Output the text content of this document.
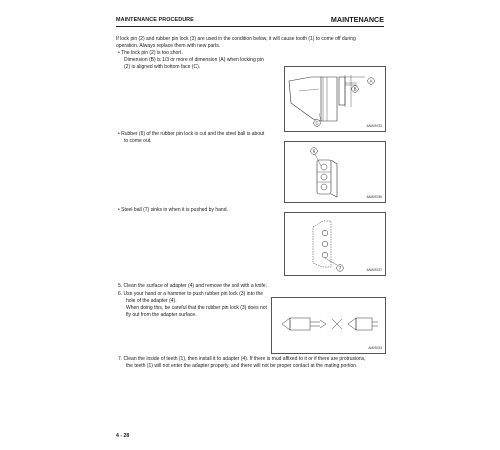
MAINTENANCE PROCEDURE	MAINTENANCE
If lock pin (2) and rubber pin lock (3) are used in the condition below, it will cause tooth (1) to come off during
operation. Always replace them with new parts.
• The lock pin (2) is too short.
Dimension (B) is 1/3 or more of dimension (A) when locking pin
(2) is aligned with bottom face (C).
A
B
C
6AM05783
• Rubber (6) of the rubber pin lock is cut and the steel ball is about
to come out.
6
6AM05786
• Steel ball (7) sinks in when it is pushed by hand.
7	6AM05787
5. Clean the surface of adapter (4) and remove the soil with a knife.
6. Use your hand or a hammer to push rubber pin lock (3) into the
hole of the adapter (4).
When doing this, be careful that the rubber pin lock (3) does not
fly out from the adapter surface.
AM05333
7. Clean the inside of teeth (1), then install it to adapter (4). If there is mud affixed to it or if there are protrusions,
the teeth (1) will not enter the adapter properly, and there will not be proper contact at the mating portion.
4 - 28
